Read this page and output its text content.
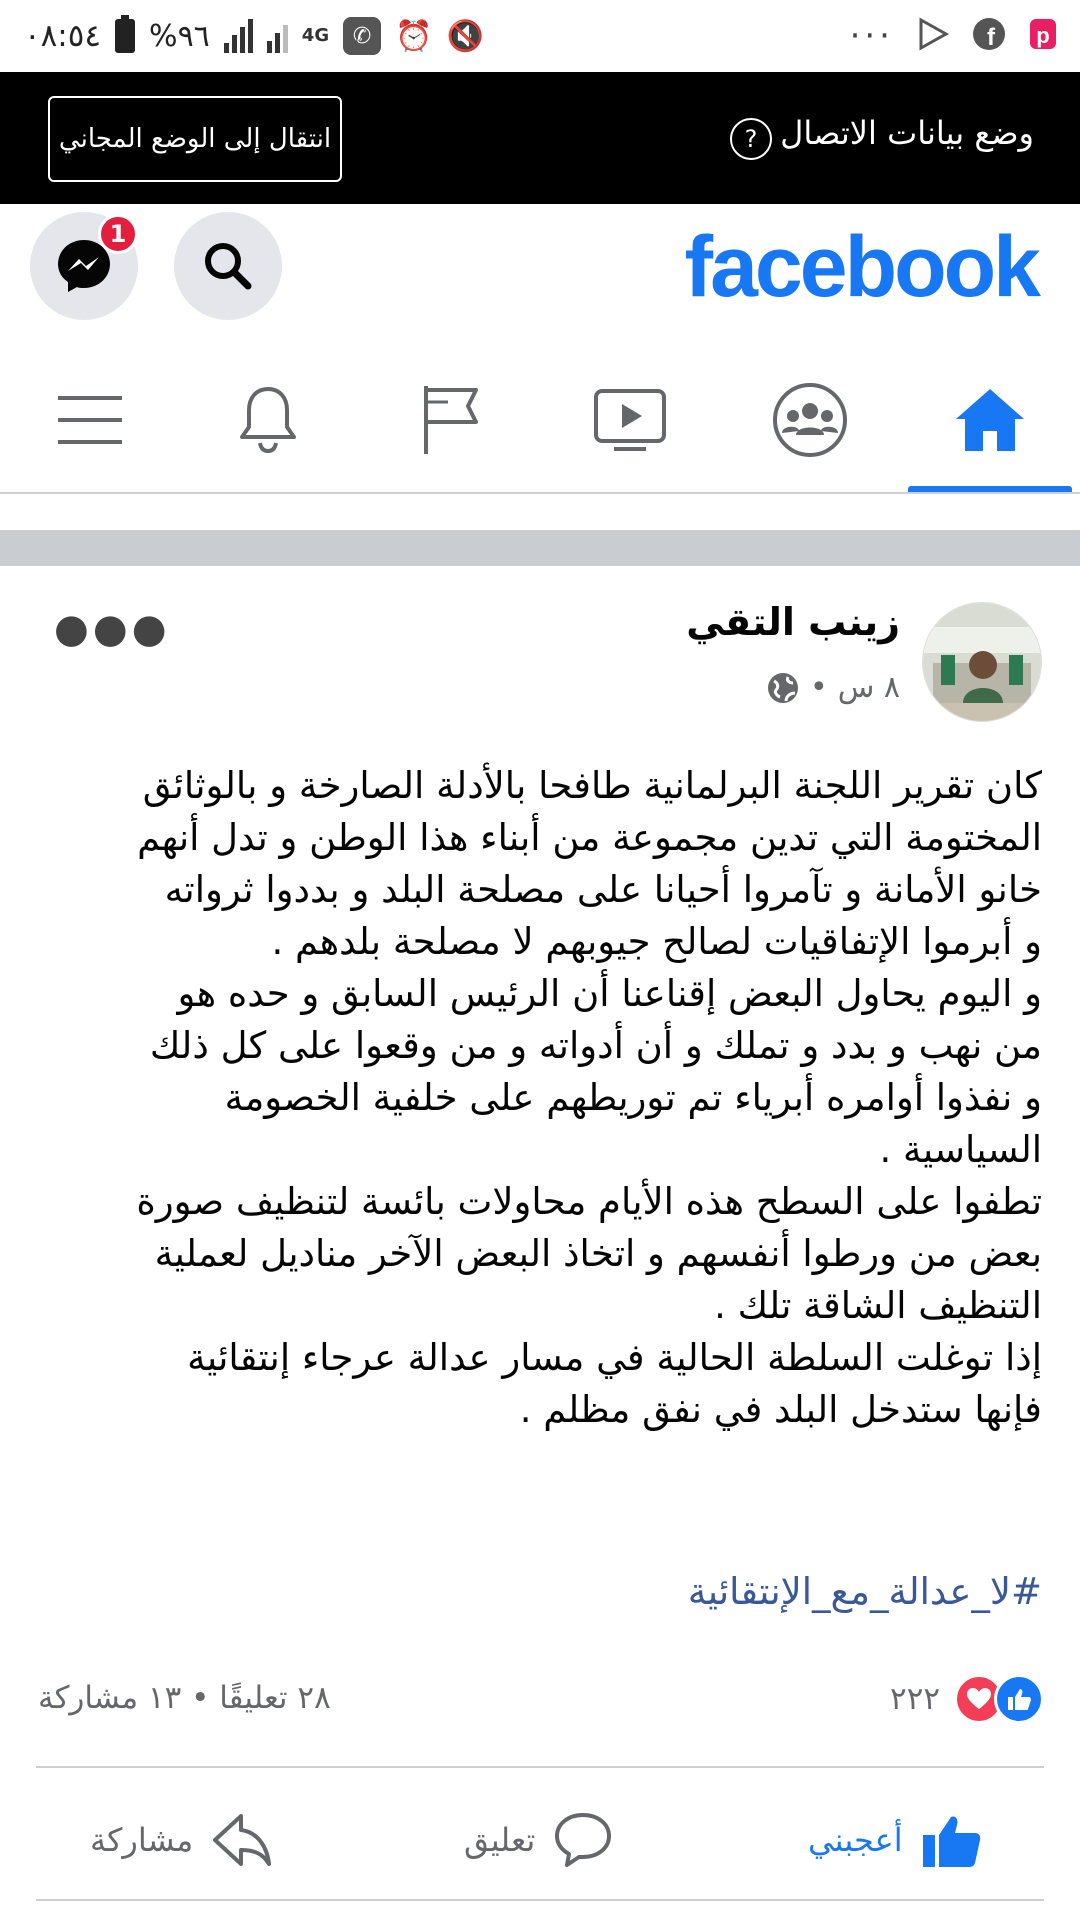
٠٨:٥٤ %٩٦	4G	✆ ⏰ 🔇	···	f p
انتقال إلى الوضع المجاني	? وضع بيانات الاتصال
1	facebook
زينب التقي
٨ س
•
●●●
كان تقرير اللجنة البرلمانية طافحا بالأدلة الصارخة و بالوثائق
المختومة التي تدين مجموعة من أبناء هذا الوطن و تدل أنهم
خانو الأمانة و تآمروا أحيانا على مصلحة البلد و بددوا ثرواته
و أبرموا الإتفاقيات لصالح جيوبهم لا مصلحة بلدهم .
و اليوم يحاول البعض إقناعنا أن الرئيس السابق و حده هو
من نهب و بدد و تملك و أن أدواته و من وقعوا على كل ذلك
و نفذوا أوامره أبرياء تم توريطهم على خلفية الخصومة
السياسية .
تطفوا على السطح هذه الأيام محاولات بائسة لتنظيف صورة
بعض من ورطوا أنفسهم و اتخاذ البعض الآخر مناديل لعملية
التنظيف الشاقة تلك .
إذا توغلت السلطة الحالية في مسار عدالة عرجاء إنتقائية
فإنها ستدخل البلد في نفق مظلم .
#لا_عدالة_مع_الإنتقائية
٢٨ تعليقًا • ١٣ مشاركة	٢٢٢
مشاركة	تعليق	أعجبني
